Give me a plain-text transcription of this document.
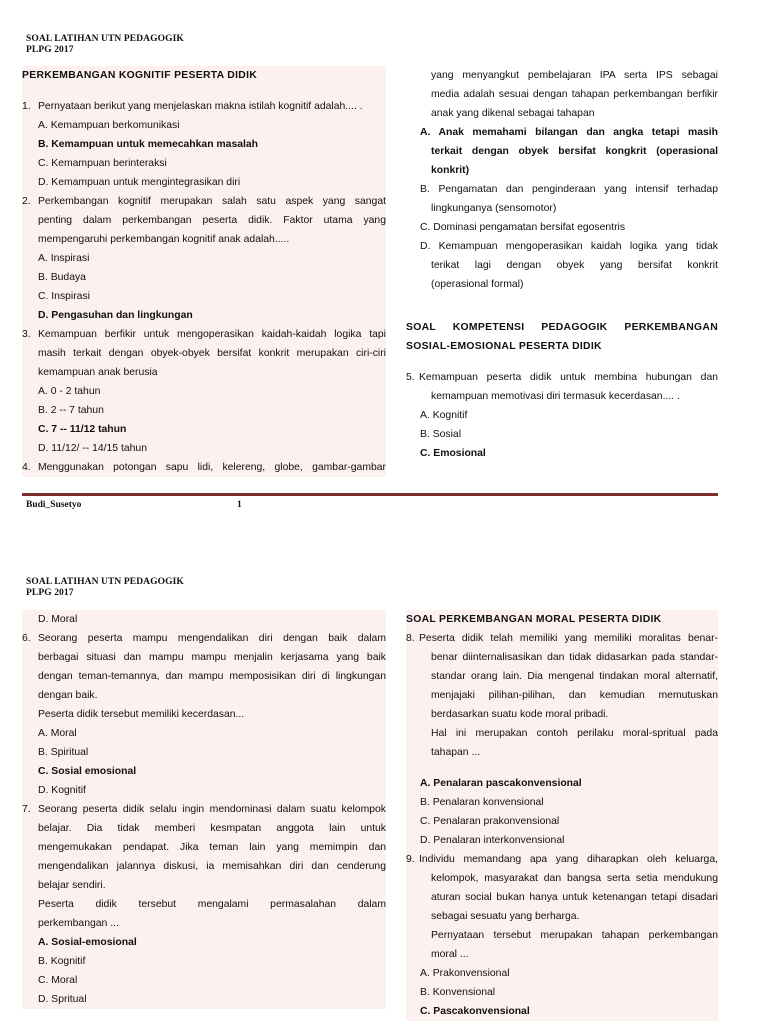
SOAL LATIHAN UTN PEDAGOGIK
PLPG 2017
PERKEMBANGAN KOGNITIF PESERTA DIDIK
1. Pernyataan berikut yang menjelaskan makna istilah kognitif adalah.... .
A. Kemampuan berkomunikasi
B. Kemampuan untuk memecahkan masalah
C. Kemampuan berinteraksi
D. Kemampuan untuk mengintegrasikan diri
2. Perkembangan kognitif merupakan salah satu aspek yang sangat
penting dalam perkembangan peserta didik. Faktor utama yang
mempengaruhi perkembangan kognitif anak adalah.....
A. Inspirasi
B. Budaya
C. Inspirasi
D. Pengasuhan dan lingkungan
3. Kemampuan berfikir untuk mengoperasikan kaidah-kaidah logika tapi
masih terkait dengan obyek-obyek bersifat konkrit merupakan ciri-ciri
kemampuan anak berusia
A. 0 - 2 tahun
B. 2 -- 7 tahun
C. 7 -- 11/12 tahun
D. 11/12/ -- 14/15 tahun
4. Menggunakan potongan sapu lidi, kelereng, globe, gambar-gambar
yang menyangkut pembelajaran IPA serta IPS sebagai
media adalah sesuai dengan tahapan perkembangan berfikir
anak yang dikenal sebagai tahapan
A. Anak memahami bilangan dan angka tetapi masih
terkait dengan obyek bersifat kongkrit (operasional
konkrit)
B. Pengamatan dan penginderaan yang intensif terhadap
lingkunganya (sensomotor)
C. Dominasi pengamatan bersifat egosentris
D. Kemampuan mengoperasikan kaidah logika yang tidak
terikat lagi dengan obyek yang bersifat konkrit
(operasional formal)
SOAL KOMPETENSI PEDAGOGIK PERKEMBANGAN
SOSIAL-EMOSIONAL PESERTA DIDIK
5. Kemampuan peserta didik untuk membina hubungan dan
kemampuan memotivasi diri termasuk kecerdasan.... .
A. Kognitif
B. Sosial
C. Emosional
Budi_Susetyo	1
SOAL LATIHAN UTN PEDAGOGIK
PLPG 2017
D. Moral
6. Seorang peserta mampu mengendalikan diri dengan baik dalam
berbagai situasi dan mampu mampu menjalin kerjasama yang baik
dengan teman-temannya, dan mampu memposisikan diri di lingkungan
dengan baik.
Peserta didik tersebut memiliki kecerdasan...
A. Moral
B. Spiritual
C. Sosial emosional
D. Kognitif
7. Seorang peserta didik selalu ingin mendominasi dalam suatu kelompok
belajar. Dia tidak memberi kesmpatan anggota lain untuk
mengemukakan pendapat. Jika teman lain yang memimpin dan
mengendalikan jalannya diskusi, ia memisahkan diri dan cenderung
belajar sendiri.
Peserta didik tersebut mengalami permasalahan dalam
perkembangan ...
A. Sosial-emosional
B. Kognitif
C. Moral
D. Spritual
SOAL PERKEMBANGAN MORAL PESERTA DIDIK
8. Peserta didik telah memiliki yang memiliki moralitas benar-
benar diinternalisasikan dan tidak didasarkan pada standar-
standar orang lain. Dia mengenal tindakan moral alternatif,
menjajaki pilihan-pilihan, dan kemudian memutuskan
berdasarkan suatu kode moral pribadi.
Hal ini merupakan contoh perilaku moral-spritual pada
tahapan ...
A. Penalaran pascakonvensional
B. Penalaran konvensional
C. Penalaran prakonvensional
D. Penalaran interkonvensional
9. Individu memandang apa yang diharapkan oleh keluarga,
kelompok, masyarakat dan bangsa serta setia mendukung
aturan social bukan hanya untuk ketenangan tetapi disadari
sebagai sesuatu yang berharga.
Pernyataan tersebut merupakan tahapan perkembangan
moral ...
A. Prakonvensional
B. Konvensional
C. Pascakonvensional
